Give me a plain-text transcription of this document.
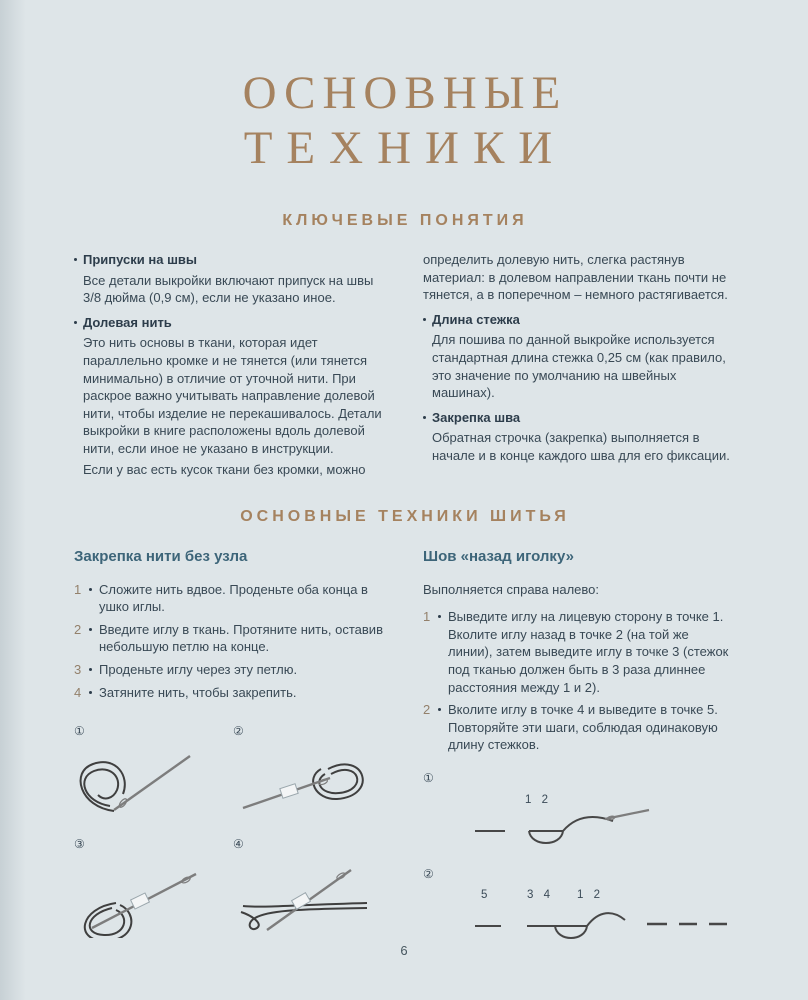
ОСНОВНЫЕ
ТЕХНИКИ
КЛЮЧЕВЫЕ ПОНЯТИЯ
Припуски на швы

Все детали выкройки включают припуск на швы 3/8 дюйма (0,9 см), если не указано иное.

Долевая нить

Это нить основы в ткани, которая идет параллельно кромке и не тянется (или тянется минимально) в отличие от уточной нити. При раскрое важно учитывать направление долевой нити, чтобы изделие не перекашивалось. Детали выкройки в книге расположены вдоль долевой нити, если иное не указано в инструкции.

Если у вас есть кусок ткани без кромки, можно

определить долевую нить, слегка растянув материал: в долевом направлении ткань почти не тянется, а в поперечном – немного растягивается.

Длина стежка

Для пошива по данной выкройке используется стандартная длина стежка 0,25 см (как правило, это значение по умолчанию на швейных машинах).

Закрепка шва

Обратная строчка (закрепка) выполняется в начале и в конце каждого шва для его фиксации.

ОСНОВНЫЕ ТЕХНИКИ ШИТЬЯ
Закрепка нити без узла
1 Сложите нить вдвое. Проденьте оба конца в ушко иглы.
2 Введите иглу в ткань. Протяните нить, оставив небольшую петлю на конце.
3 Проденьте иглу через эту петлю.
4 Затяните нить, чтобы закрепить.
①	②
③	④
Шов «назад иголку»

Выполняется справа налево:

1 Выведите иглу на лицевую сторону в точке 1. Вколите иглу назад в точке 2 (на той же линии), затем выведите иглу в точке 3 (стежок под тканью должен быть в 3 раза длиннее расстояния между 1 и 2).
2 Вколите иглу в точке 4 и выведите в точке 5. Повторяйте эти шаги, соблюдая одинаковую длину стежков.
①
1 2
②
5	3 4 1 2
6
